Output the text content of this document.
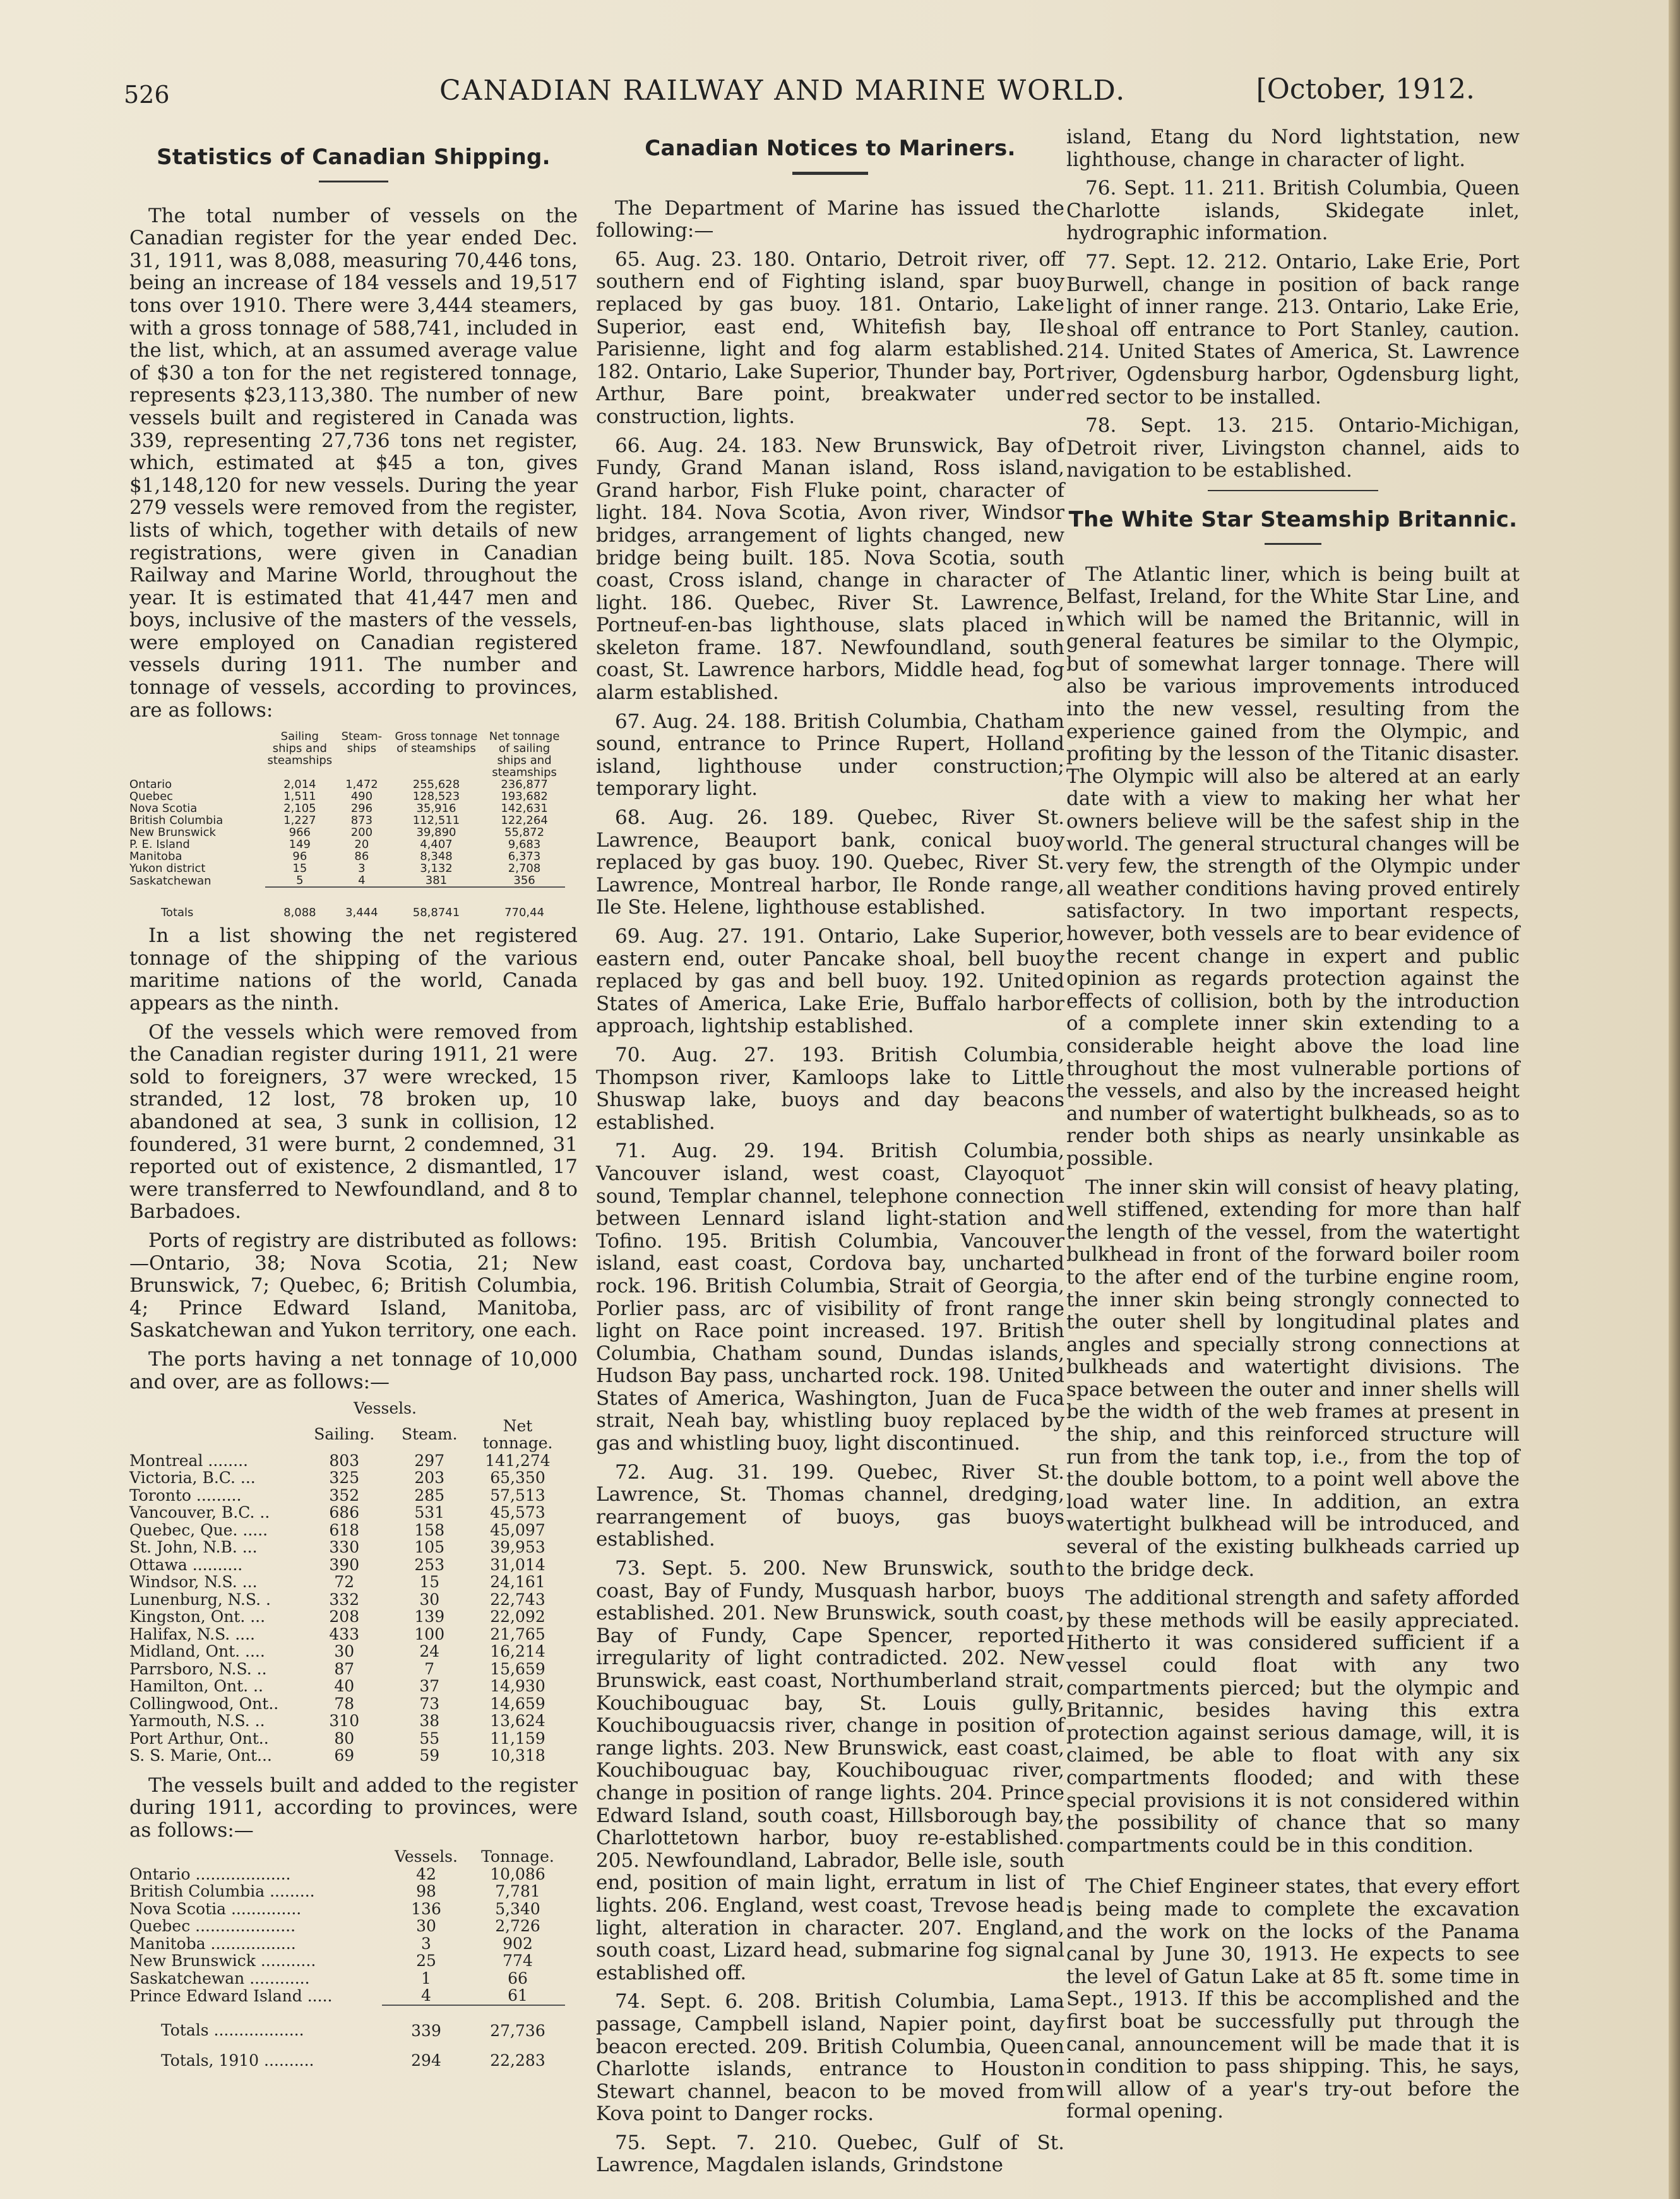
526	CANADIAN RAILWAY AND MARINE WORLD.	[October, 1912.
Statistics of Canadian Shipping.

The total number of vessels on the Canadian register for the year ended Dec. 31, 1911, was 8,088, measuring 70,446 tons, being an increase of 184 vessels and 19,517 tons over 1910. There were 3,444 steamers, with a gross tonnage of 588,741, included in the list, which, at an assumed average value of $30 a ton for the net registered tonnage, represents $23,113,380. The number of new vessels built and registered in Canada was 339, representing 27,736 tons net register, which, estimated at $45 a ton, gives $1,148,120 for new vessels. During the year 279 vessels were removed from the register, lists of which, together with details of new registrations, were given in Canadian Railway and Marine World, throughout the year. It is estimated that 41,447 men and boys, inclusive of the masters of the vessels, were employed on Canadian registered vessels during 1911. The number and tonnage of vessels, according to provinces, are as follows:

	Sailing ships and steamships	Steam-ships	Gross tonnage of steamships	Net tonnage of sailing ships and steamships
Ontario	2,014	1,472	255,628	236,877
Quebec	1,511	490	128,523	193,682
Nova Scotia	2,105	296	35,916	142,631
British Columbia	1,227	873	112,511	122,264
New Brunswick	966	200	39,890	55,872
P. E. Island	149	20	4,407	9,683
Manitoba	96	86	8,348	6,373
Yukon district	15	3	3,132	2,708
Saskatchewan	5	4	381	356
Totals	8,088	3,444	58,8741	770,44

In a list showing the net registered tonnage of the shipping of the various maritime nations of the world, Canada appears as the ninth.

Of the vessels which were removed from the Canadian register during 1911, 21 were sold to foreigners, 37 were wrecked, 15 stranded, 12 lost, 78 broken up, 10 abandoned at sea, 3 sunk in collision, 12 foundered, 31 were burnt, 2 condemned, 31 reported out of existence, 2 dismantled, 17 were transferred to Newfoundland, and 8 to Barbadoes.

Ports of registry are distributed as follows:—Ontario, 38; Nova Scotia, 21; New Brunswick, 7; Quebec, 6; British Columbia, 4; Prince Edward Island, Manitoba, Saskatchewan and Yukon territory, one each.

The ports having a net tonnage of 10,000 and over, are as follows:—

	Vessels.		
	Sailing.	Steam.	Net tonnage.
Montreal ........	803	297	141,274
Victoria, B.C. ...	325	203	65,350
Toronto .........	352	285	57,513
Vancouver, B.C. ..	686	531	45,573
Quebec, Que. .....	618	158	45,097
St. John, N.B. ...	330	105	39,953
Ottawa ..........	390	253	31,014
Windsor, N.S. ...	72	15	24,161
Lunenburg, N.S. .	332	30	22,743
Kingston, Ont. ...	208	139	22,092
Halifax, N.S. ....	433	100	21,765
Midland, Ont. ....	30	24	16,214
Parrsboro, N.S. ..	87	7	15,659
Hamilton, Ont. ..	40	37	14,930
Collingwood, Ont..	78	73	14,659
Yarmouth, N.S. ..	310	38	13,624
Port Arthur, Ont..	80	55	11,159
S. S. Marie, Ont...	69	59	10,318

The vessels built and added to the register during 1911, according to provinces, were as follows:—

	Vessels.	Tonnage.
Ontario ...................	42	10,086
British Columbia .........	98	7,781
Nova Scotia ..............	136	5,340
Quebec ....................	30	2,726
Manitoba .................	3	902
New Brunswick ...........	25	774
Saskatchewan ............	1	66
Prince Edward Island .....	4	61
Totals ..................	339	27,736
Totals, 1910 ..........	294	22,283
Canadian Notices to Mariners.

The Department of Marine has issued the following:—

65. Aug. 23. 180. Ontario, Detroit river, off southern end of Fighting island, spar buoy replaced by gas buoy. 181. Ontario, Lake Superior, east end, Whitefish bay, Ile Parisienne, light and fog alarm established. 182. Ontario, Lake Superior, Thunder bay, Port Arthur, Bare point, breakwater under construction, lights.

66. Aug. 24. 183. New Brunswick, Bay of Fundy, Grand Manan island, Ross island, Grand harbor, Fish Fluke point, character of light. 184. Nova Scotia, Avon river, Windsor bridges, arrangement of lights changed, new bridge being built. 185. Nova Scotia, south coast, Cross island, change in character of light. 186. Quebec, River St. Lawrence, Portneuf-en-bas lighthouse, slats placed in skeleton frame. 187. Newfoundland, south coast, St. Lawrence harbors, Middle head, fog alarm established.

67. Aug. 24. 188. British Columbia, Chatham sound, entrance to Prince Rupert, Holland island, lighthouse under construction; temporary light.

68. Aug. 26. 189. Quebec, River St. Lawrence, Beauport bank, conical buoy replaced by gas buoy. 190. Quebec, River St. Lawrence, Montreal harbor, Ile Ronde range, Ile Ste. Helene, lighthouse established.

69. Aug. 27. 191. Ontario, Lake Superior, eastern end, outer Pancake shoal, bell buoy replaced by gas and bell buoy. 192. United States of America, Lake Erie, Buffalo harbor approach, lightship established.

70. Aug. 27. 193. British Columbia, Thompson river, Kamloops lake to Little Shuswap lake, buoys and day beacons established.

71. Aug. 29. 194. British Columbia, Vancouver island, west coast, Clayoquot sound, Templar channel, telephone connection between Lennard island light-station and Tofino. 195. British Columbia, Vancouver island, east coast, Cordova bay, uncharted rock. 196. British Columbia, Strait of Georgia, Porlier pass, arc of visibility of front range light on Race point increased. 197. British Columbia, Chatham sound, Dundas islands, Hudson Bay pass, uncharted rock. 198. United States of America, Washington, Juan de Fuca strait, Neah bay, whistling buoy replaced by gas and whistling buoy, light discontinued.

72. Aug. 31. 199. Quebec, River St. Lawrence, St. Thomas channel, dredging, rearrangement of buoys, gas buoys established.

73. Sept. 5. 200. New Brunswick, south coast, Bay of Fundy, Musquash harbor, buoys established. 201. New Brunswick, south coast, Bay of Fundy, Cape Spencer, reported irregularity of light contradicted. 202. New Brunswick, east coast, Northumberland strait, Kouchibouguac bay, St. Louis gully, Kouchibouguacsis river, change in position of range lights. 203. New Brunswick, east coast, Kouchibouguac bay, Kouchibouguac river, change in position of range lights. 204. Prince Edward Island, south coast, Hillsborough bay, Charlottetown harbor, buoy re-established. 205. Newfoundland, Labrador, Belle isle, south end, position of main light, erratum in list of lights. 206. England, west coast, Trevose head light, alteration in character. 207. England, south coast, Lizard head, submarine fog signal established off.

74. Sept. 6. 208. British Columbia, Lama passage, Campbell island, Napier point, day beacon erected. 209. British Columbia, Queen Charlotte islands, entrance to Houston Stewart channel, beacon to be moved from Kova point to Danger rocks.

75. Sept. 7. 210. Quebec, Gulf of St. Lawrence, Magdalen islands, Grindstone

island, Etang du Nord lightstation, new lighthouse, change in character of light.

76. Sept. 11. 211. British Columbia, Queen Charlotte islands, Skidegate inlet, hydrographic information.

77. Sept. 12. 212. Ontario, Lake Erie, Port Burwell, change in position of back range light of inner range. 213. Ontario, Lake Erie, shoal off entrance to Port Stanley, caution. 214. United States of America, St. Lawrence river, Ogdensburg harbor, Ogdensburg light, red sector to be installed.

78. Sept. 13. 215. Ontario-Michigan, Detroit river, Livingston channel, aids to navigation to be established.

The White Star Steamship Britannic.

The Atlantic liner, which is being built at Belfast, Ireland, for the White Star Line, and which will be named the Britannic, will in general features be similar to the Olympic, but of somewhat larger tonnage. There will also be various improvements introduced into the new vessel, resulting from the experience gained from the Olympic, and profiting by the lesson of the Titanic disaster. The Olympic will also be altered at an early date with a view to making her what her owners believe will be the safest ship in the world. The general structural changes will be very few, the strength of the Olympic under all weather conditions having proved entirely satisfactory. In two important respects, however, both vessels are to bear evidence of the recent change in expert and public opinion as regards protection against the effects of collision, both by the introduction of a complete inner skin extending to a considerable height above the load line throughout the most vulnerable portions of the vessels, and also by the increased height and number of watertight bulkheads, so as to render both ships as nearly unsinkable as possible.

The inner skin will consist of heavy plating, well stiffened, extending for more than half the length of the vessel, from the watertight bulkhead in front of the forward boiler room to the after end of the turbine engine room, the inner skin being strongly connected to the outer shell by longitudinal plates and angles and specially strong connections at bulkheads and watertight divisions. The space between the outer and inner shells will be the width of the web frames at present in the ship, and this reinforced structure will run from the tank top, i.e., from the top of the double bottom, to a point well above the load water line. In addition, an extra watertight bulkhead will be introduced, and several of the existing bulkheads carried up to the bridge deck.

The additional strength and safety afforded by these methods will be easily appreciated. Hitherto it was considered sufficient if a vessel could float with any two compartments pierced; but the olympic and Britannic, besides having this extra protection against serious damage, will, it is claimed, be able to float with any six compartments flooded; and with these special provisions it is not considered within the possibility of chance that so many compartments could be in this condition.

The Chief Engineer states, that every effort is being made to complete the excavation and the work on the locks of the Panama canal by June 30, 1913. He expects to see the level of Gatun Lake at 85 ft. some time in Sept., 1913. If this be accomplished and the first boat be successfully put through the canal, announcement will be made that it is in condition to pass shipping. This, he says, will allow of a year's try-out before the formal opening.
